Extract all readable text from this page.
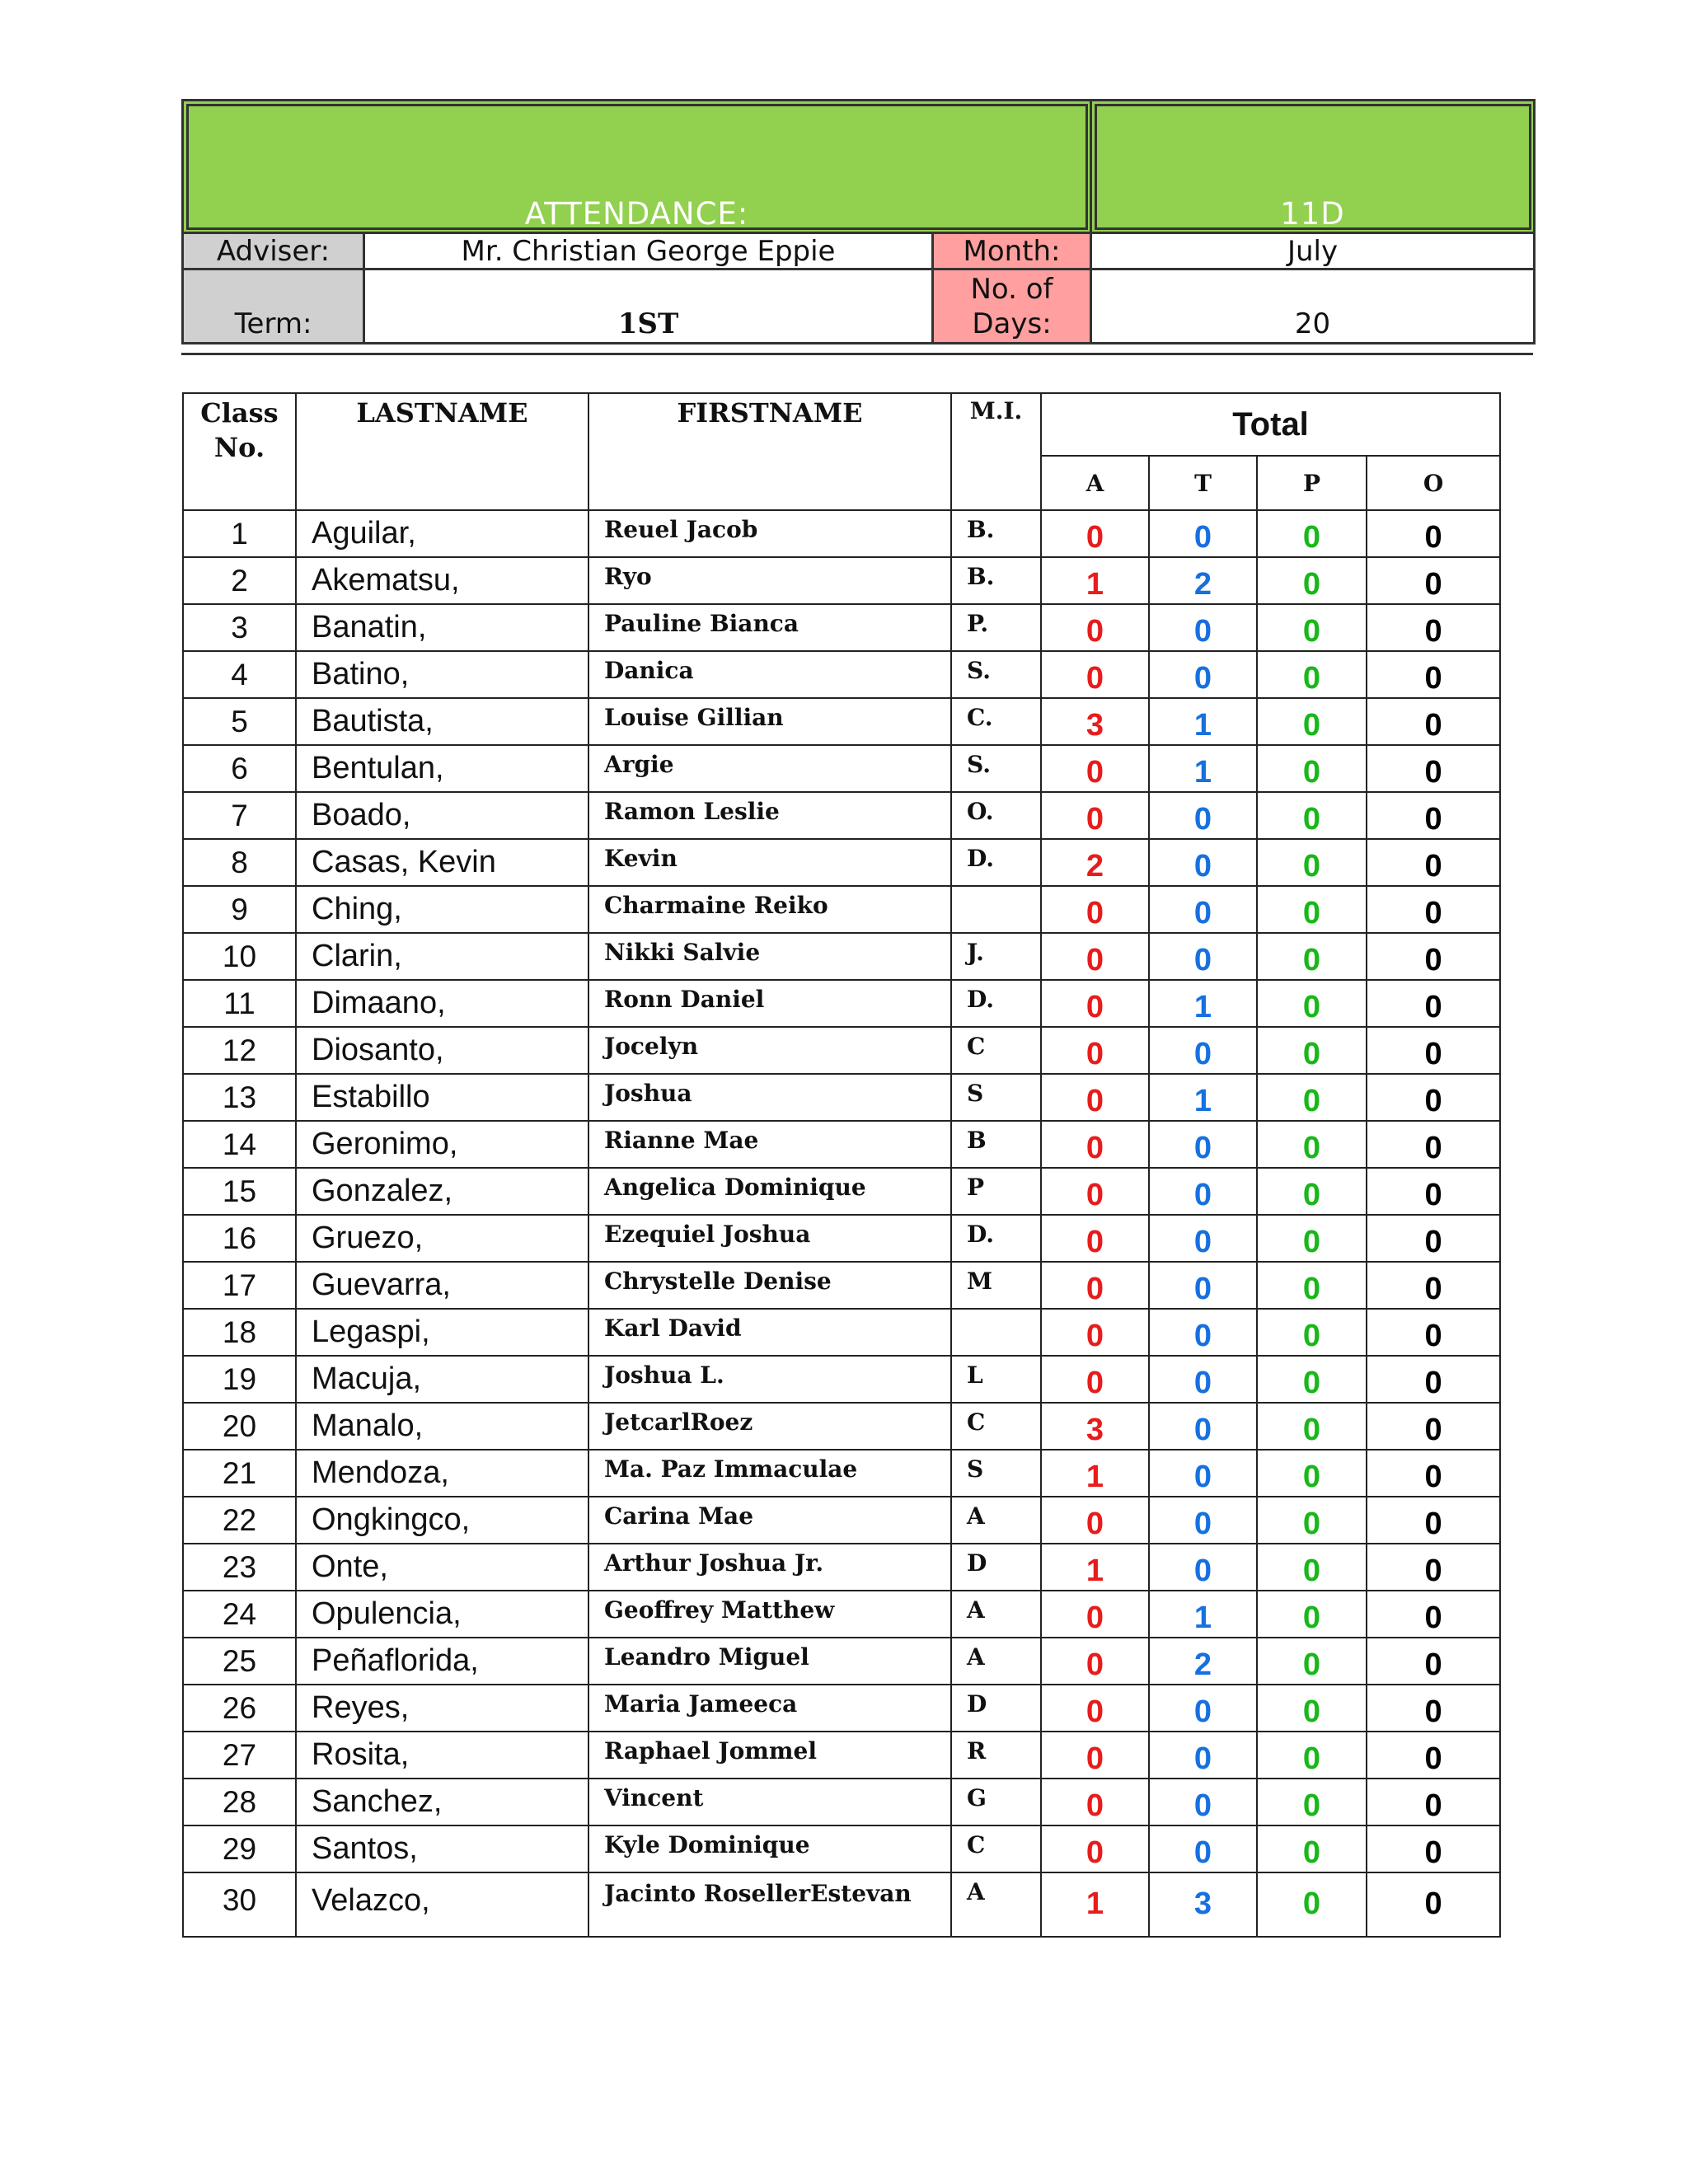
ATTENDANCE:			11D
Adviser:	Mr. Christian George Eppie	Month:	July
Term:	1ST	No. of Days:	20
Class No.	LASTNAME	FIRSTNAME	M.I.	Total			
				A	T	P	O
1	Aguilar,	Reuel Jacob	B.	0	0	0	0
2	Akematsu,	Ryo	B.	1	2	0	0
3	Banatin,	Pauline Bianca	P.	0	0	0	0
4	Batino,	Danica	S.	0	0	0	0
5	Bautista,	Louise Gillian	C.	3	1	0	0
6	Bentulan,	Argie	S.	0	1	0	0
7	Boado,	Ramon Leslie	O.	0	0	0	0
8	Casas, Kevin	Kevin	D.	2	0	0	0
9	Ching,	Charmaine Reiko		0	0	0	0
10	Clarin,	Nikki Salvie	J.	0	0	0	0
11	Dimaano,	Ronn Daniel	D.	0	1	0	0
12	Diosanto,	Jocelyn	C	0	0	0	0
13	Estabillo	Joshua	S	0	1	0	0
14	Geronimo,	Rianne Mae	B	0	0	0	0
15	Gonzalez,	Angelica Dominique	P	0	0	0	0
16	Gruezo,	Ezequiel Joshua	D.	0	0	0	0
17	Guevarra,	Chrystelle Denise	M	0	0	0	0
18	Legaspi,	Karl David		0	0	0	0
19	Macuja,	Joshua L.	L	0	0	0	0
20	Manalo,	JetcarlRoez	C	3	0	0	0
21	Mendoza,	Ma. Paz Immaculae	S	1	0	0	0
22	Ongkingco,	Carina Mae	A	0	0	0	0
23	Onte,	Arthur Joshua Jr.	D	1	0	0	0
24	Opulencia,	Geoffrey Matthew	A	0	1	0	0
25	Peñaflorida,	Leandro Miguel	A	0	2	0	0
26	Reyes,	Maria Jameeca	D	0	0	0	0
27	Rosita,	Raphael Jommel	R	0	0	0	0
28	Sanchez,	Vincent	G	0	0	0	0
29	Santos,	Kyle Dominique	C	0	0	0	0
30	Velazco,	Jacinto RosellerEstevan	A	1	3	0	0
